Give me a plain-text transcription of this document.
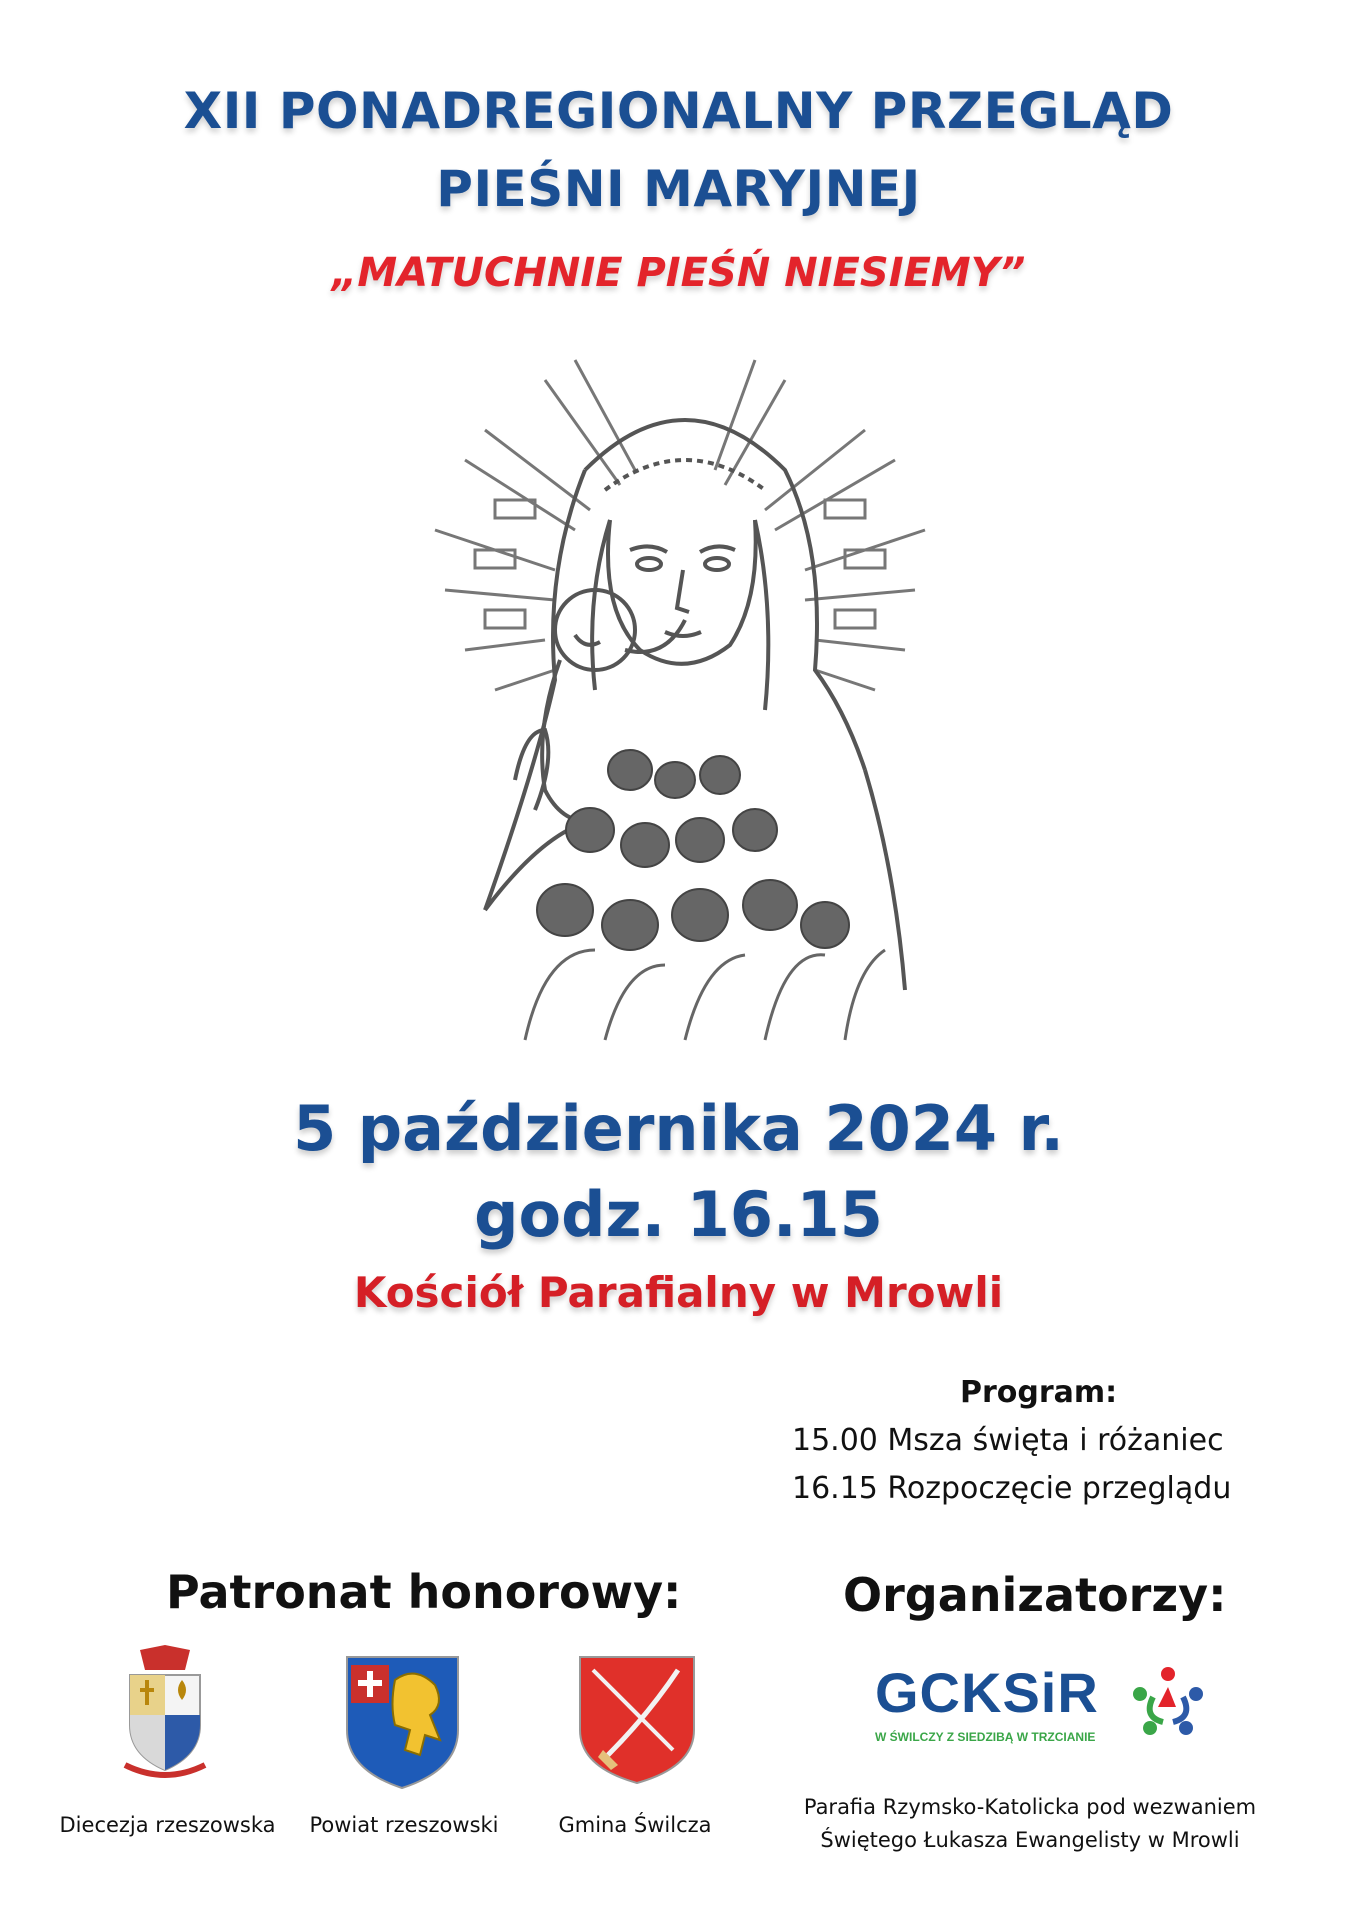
XII PONADREGIONALNY PRZEGLĄD
PIEŚNI MARYJNEJ
„MATUCHNIE PIEŚŃ NIESIEMY”
5 października 2024 r.
godz. 16.15
Kościół Parafialny w Mrowli
Program:
15.00 Msza święta i różaniec
16.15 Rozpoczęcie przeglądu
Patronat honorowy:	Organizatorzy:
Diecezja rzeszowska	Powiat rzeszowski	Gmina Świlcza
GCKSiR
W ŚWILCZY Z SIEDZIBĄ W TRZCIANIE
Parafia Rzymsko-Katolicka pod wezwaniem
Świętego Łukasza Ewangelisty w Mrowli
